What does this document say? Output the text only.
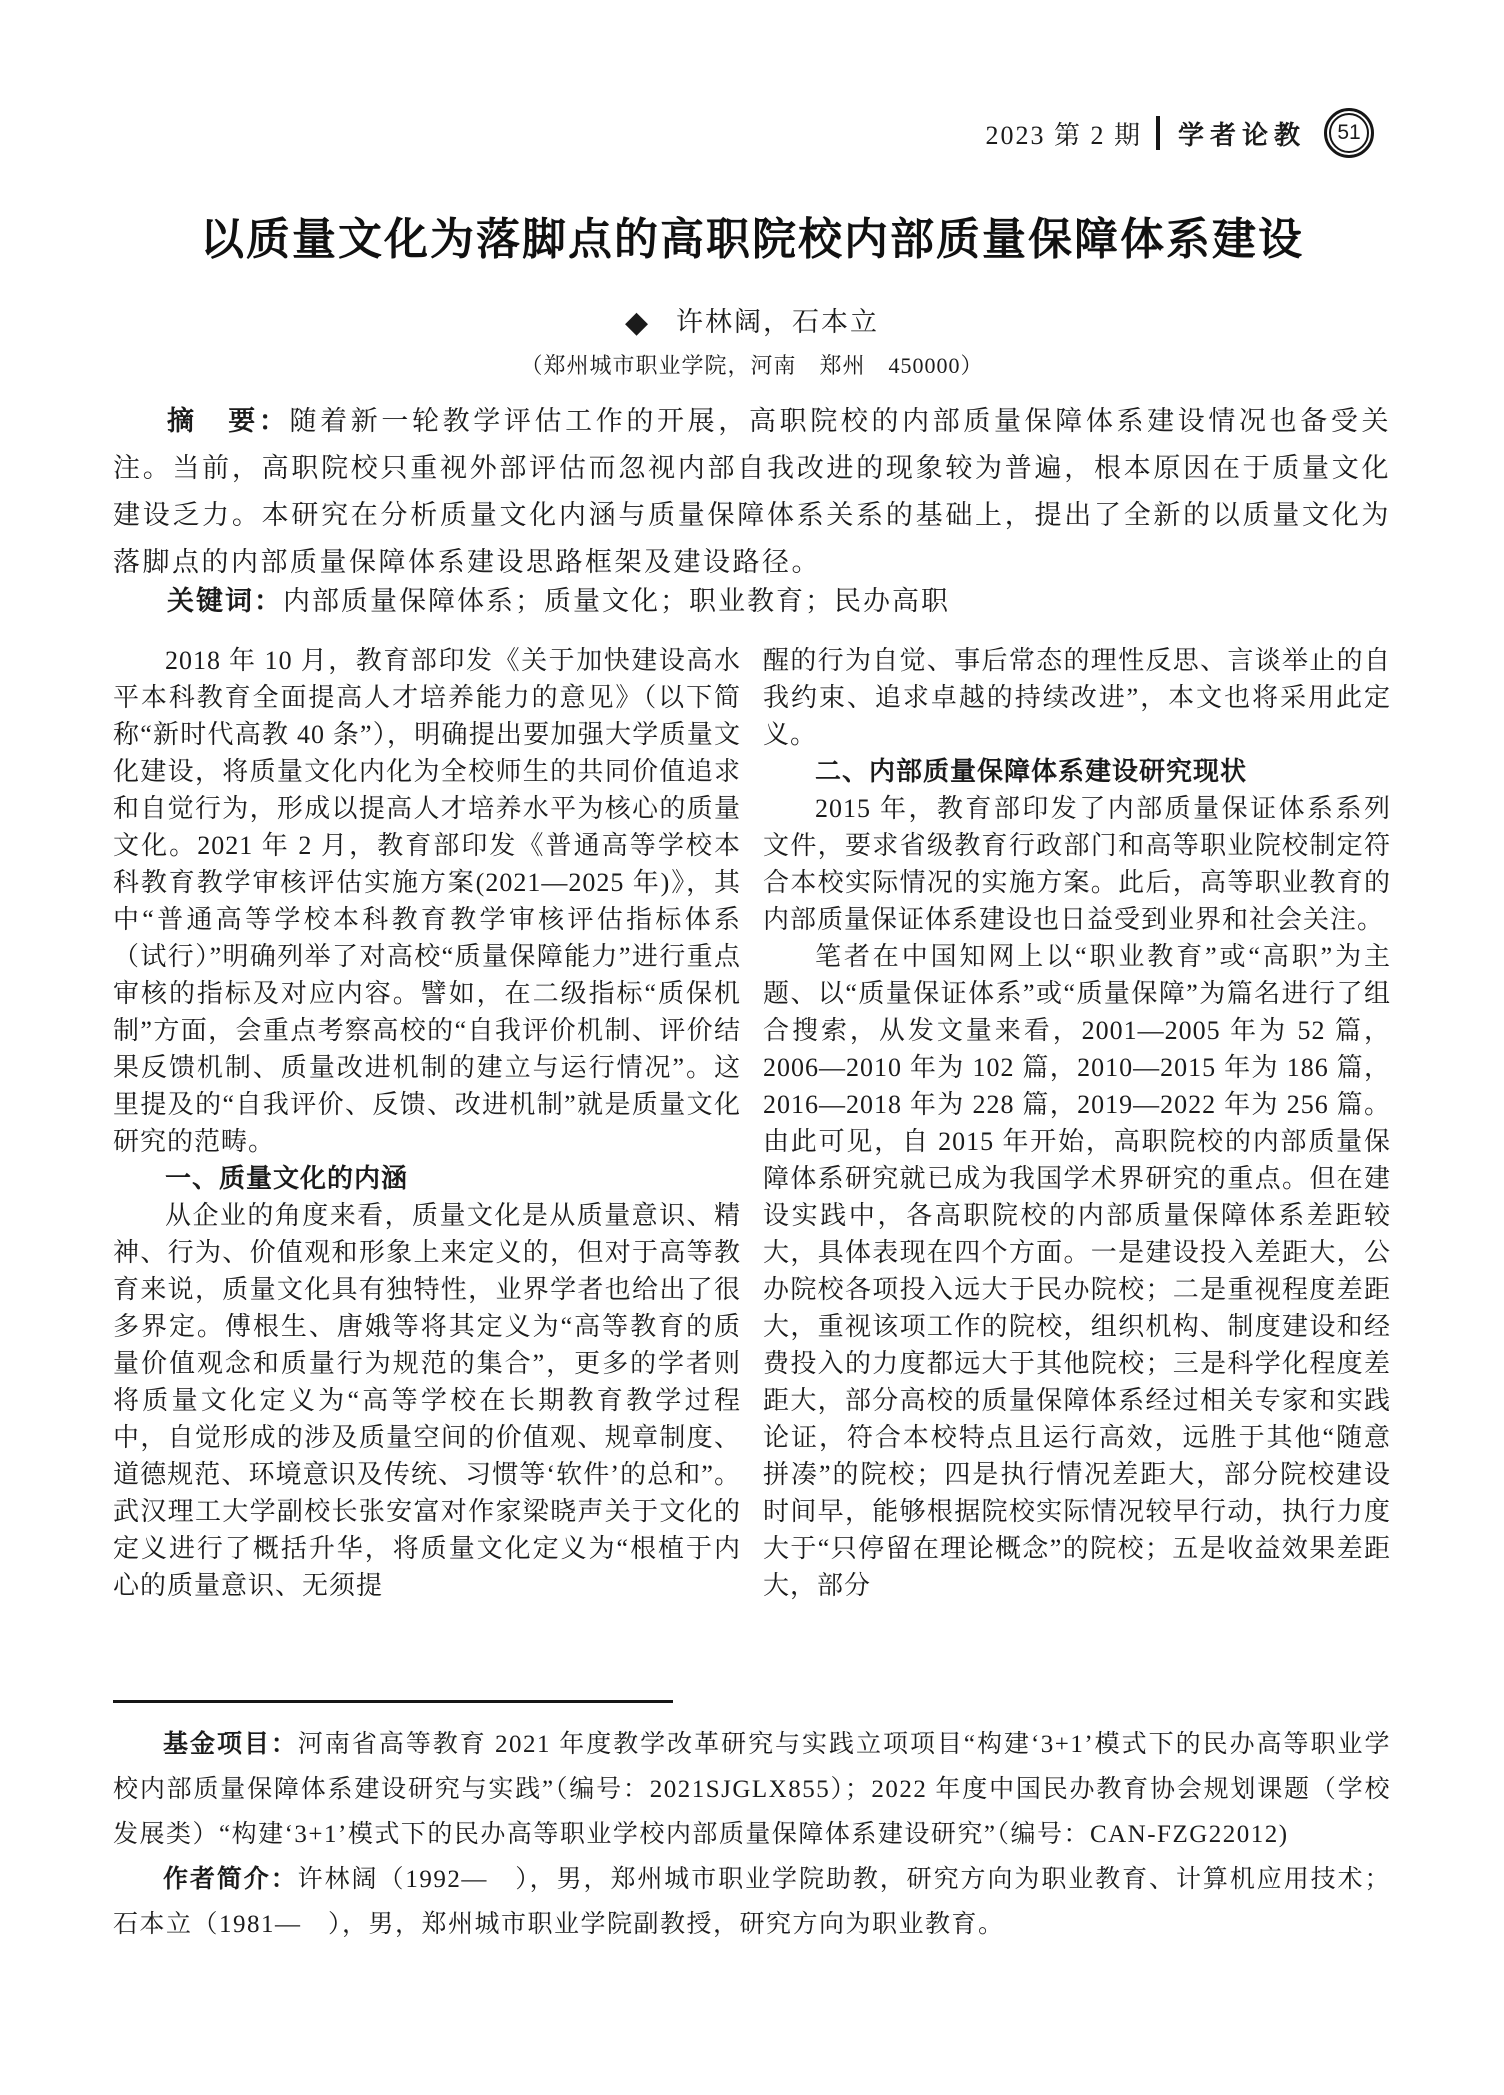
2023 第 2 期 学者论教	51
以质量文化为落脚点的高职院校内部质量保障体系建设
◆ 许林阔，石本立
（郑州城市职业学院，河南　郑州　450000）

摘　要：随着新一轮教学评估工作的开展，高职院校的内部质量保障体系建设情况也备受关注。当前，高职院校只重视外部评估而忽视内部自我改进的现象较为普遍，根本原因在于质量文化建设乏力。本研究在分析质量文化内涵与质量保障体系关系的基础上，提出了全新的以质量文化为落脚点的内部质量保障体系建设思路框架及建设路径。

关键词：内部质量保障体系；质量文化；职业教育；民办高职

2018 年 10 月，教育部印发《关于加快建设高水平本科教育全面提高人才培养能力的意见》（以下简称“新时代高教 40 条”），明确提出要加强大学质量文化建设，将质量文化内化为全校师生的共同价值追求和自觉行为，形成以提高人才培养水平为核心的质量文化。2021 年 2 月，教育部印发《普通高等学校本科教育教学审核评估实施方案(2021—2025 年)》，其中“普通高等学校本科教育教学审核评估指标体系（试行）”明确列举了对高校“质量保障能力”进行重点审核的指标及对应内容。譬如，在二级指标“质保机制”方面，会重点考察高校的“自我评价机制、评价结果反馈机制、质量改进机制的建立与运行情况”。这里提及的“自我评价、反馈、改进机制”就是质量文化研究的范畴。

一、质量文化的内涵

从企业的角度来看，质量文化是从质量意识、精神、行为、价值观和形象上来定义的，但对于高等教育来说，质量文化具有独特性，业界学者也给出了很多界定。傅根生、唐娥等将其定义为“高等教育的质量价值观念和质量行为规范的集合”，更多的学者则将质量文化定义为“高等学校在长期教育教学过程中，自觉形成的涉及质量空间的价值观、规章制度、道德规范、环境意识及传统、习惯等‘软件’的总和”。武汉理工大学副校长张安富对作家梁晓声关于文化的定义进行了概括升华，将质量文化定义为“根植于内心的质量意识、无须提

醒的行为自觉、事后常态的理性反思、言谈举止的自我约束、追求卓越的持续改进”，本文也将采用此定义。

二、内部质量保障体系建设研究现状

2015 年，教育部印发了内部质量保证体系系列文件，要求省级教育行政部门和高等职业院校制定符合本校实际情况的实施方案。此后，高等职业教育的内部质量保证体系建设也日益受到业界和社会关注。

笔者在中国知网上以“职业教育”或“高职”为主题、以“质量保证体系”或“质量保障”为篇名进行了组合搜索，从发文量来看，2001—2005 年为 52 篇，2006—2010 年为 102 篇，2010—2015 年为 186 篇，2016—2018 年为 228 篇，2019—2022 年为 256 篇。由此可见，自 2015 年开始，高职院校的内部质量保障体系研究就已成为我国学术界研究的重点。但在建设实践中，各高职院校的内部质量保障体系差距较大，具体表现在四个方面。一是建设投入差距大，公办院校各项投入远大于民办院校；二是重视程度差距大，重视该项工作的院校，组织机构、制度建设和经费投入的力度都远大于其他院校；三是科学化程度差距大，部分高校的质量保障体系经过相关专家和实践论证，符合本校特点且运行高效，远胜于其他“随意拼凑”的院校；四是执行情况差距大，部分院校建设时间早，能够根据院校实际情况较早行动，执行力度大于“只停留在理论概念”的院校；五是收益效果差距大，部分

基金项目：河南省高等教育 2021 年度教学改革研究与实践立项项目“构建‘3+1’模式下的民办高等职业学校内部质量保障体系建设研究与实践”（编号：2021SJGLX855）；2022 年度中国民办教育协会规划课题（学校发展类）“构建‘3+1’模式下的民办高等职业学校内部质量保障体系建设研究”（编号：CAN-FZG22012)

作者简介：许林阔（1992—　），男，郑州城市职业学院助教，研究方向为职业教育、计算机应用技术；石本立（1981—　），男，郑州城市职业学院副教授，研究方向为职业教育。
